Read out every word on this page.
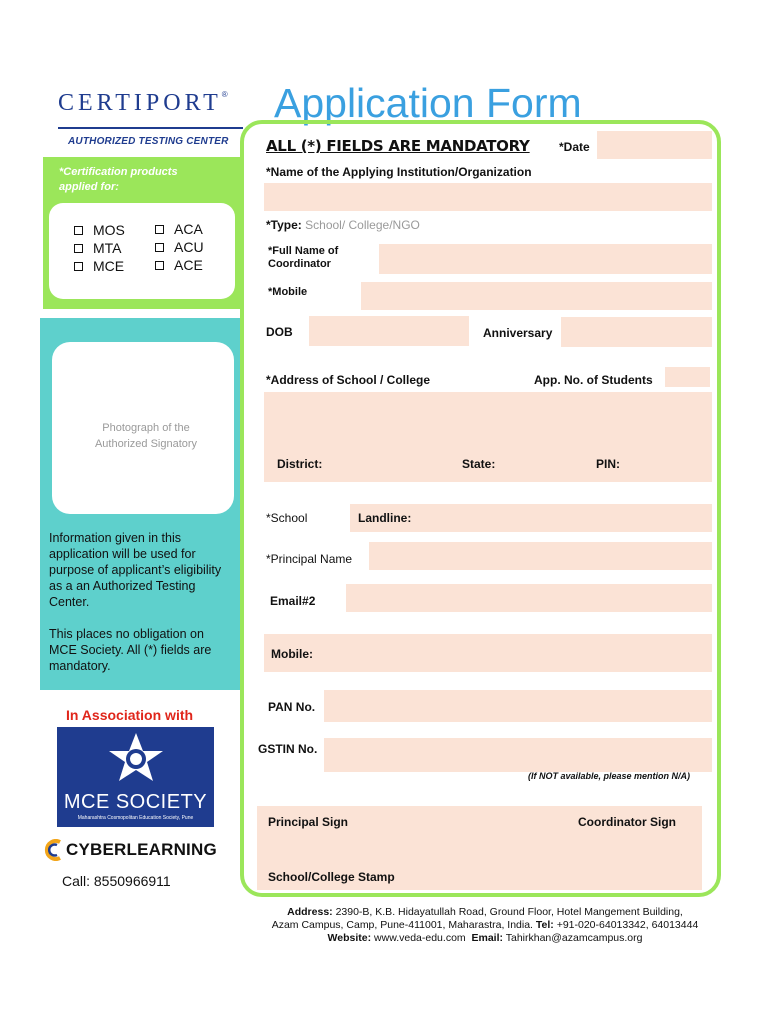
CERTIPORT®
AUTHORIZED TESTING CENTER
*Certification products applied for:
MOS
MTA
MCE
ACA
ACU
ACE
Photograph of the Authorized Signatory
Information given in this application will be used for purpose of applicant’s eligibility as a an Authorized Testing Center.
This places no obligation on MCE Society. All (*) fields are mandatory.
In Association with
MCE SOCIETY
Maharashtra Cosmopolitan Education Society, Pune
CYBERLEARNING
Call: 8550966911
Application Form
ALL (*) FIELDS ARE MANDATORY *Date
*Name of the Applying Institution/Organization
*Type: School/ College/NGO
*Full Name of Coordinator
*Mobile
DOB	Anniversary
*Address of School / College	App. No. of Students
District:	State:	PIN:
*School	Landline:
*Principal Name
Email#2
Mobile:
PAN No.
GSTIN No.
(If NOT available, please mention N/A)
Principal Sign	Coordinator Sign
School/College Stamp
Address: 2390-B, K.B. Hidayatullah Road, Ground Floor, Hotel Mangement Building,
Azam Campus, Camp, Pune-411001, Maharastra, India. Tel: +91-020-64013342, 64013444
Website: www.veda-edu.com Email: Tahirkhan@azamcampus.org
